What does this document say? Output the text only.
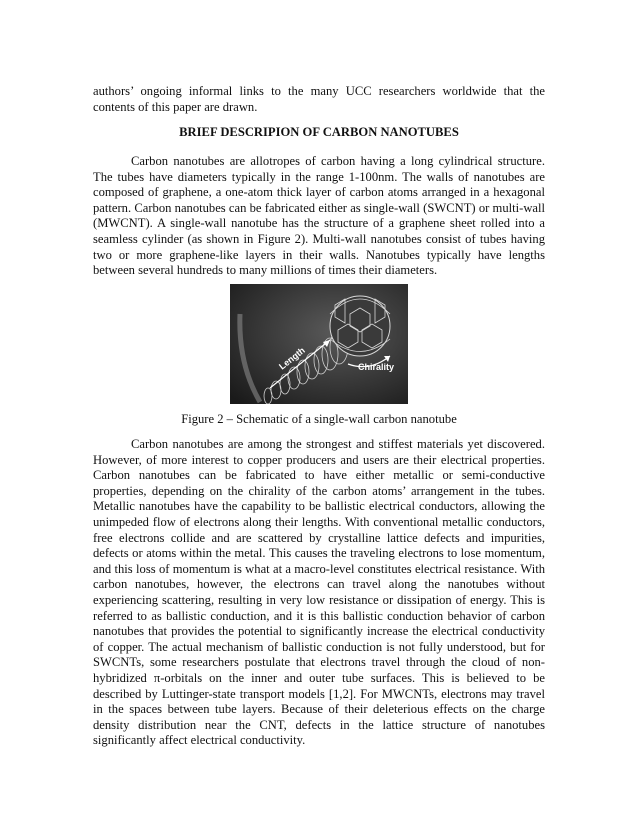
authors’ ongoing informal links to the many UCC researchers worldwide that the contents of this paper are drawn.
BRIEF DESCRIPION OF CARBON NANOTUBES
Carbon nanotubes are allotropes of carbon having a long cylindrical structure. The tubes have diameters typically in the range 1-100nm. The walls of nanotubes are composed of graphene, a one-atom thick layer of carbon atoms arranged in a hexagonal pattern. Carbon nanotubes can be fabricated either as single-wall (SWCNT) or multi-wall (MWCNT). A single-wall nanotube has the structure of a graphene sheet rolled into a seamless cylinder (as shown in Figure 2). Multi-wall nanotubes consist of tubes having two or more graphene-like layers in their walls. Nanotubes typically have lengths between several hundreds to many millions of times their diameters.
Length	Chirality
Figure 2 – Schematic of a single-wall carbon nanotube
Carbon nanotubes are among the strongest and stiffest materials yet discovered. However, of more interest to copper producers and users are their electrical properties. Carbon nanotubes can be fabricated to have either metallic or semi-conductive properties, depending on the chirality of the carbon atoms’ arrangement in the tubes. Metallic nanotubes have the capability to be ballistic electrical conductors, allowing the unimpeded flow of electrons along their lengths. With conventional metallic conductors, free electrons collide and are scattered by crystalline lattice defects and impurities, defects or atoms within the metal. This causes the traveling electrons to lose momentum, and this loss of momentum is what at a macro-level constitutes electrical resistance. With carbon nanotubes, however, the electrons can travel along the nanotubes without experiencing scattering, resulting in very low resistance or dissipation of energy. This is referred to as ballistic conduction, and it is this ballistic conduction behavior of carbon nanotubes that provides the potential to significantly increase the electrical conductivity of copper. The actual mechanism of ballistic conduction is not fully understood, but for SWCNTs, some researchers postulate that electrons travel through the cloud of non-hybridized π-orbitals on the inner and outer tube surfaces. This is believed to be described by Luttinger-state transport models [1,2]. For MWCNTs, electrons may travel in the spaces between tube layers. Because of their deleterious effects on the charge density distribution near the CNT, defects in the lattice structure of nanotubes significantly affect electrical conductivity.
